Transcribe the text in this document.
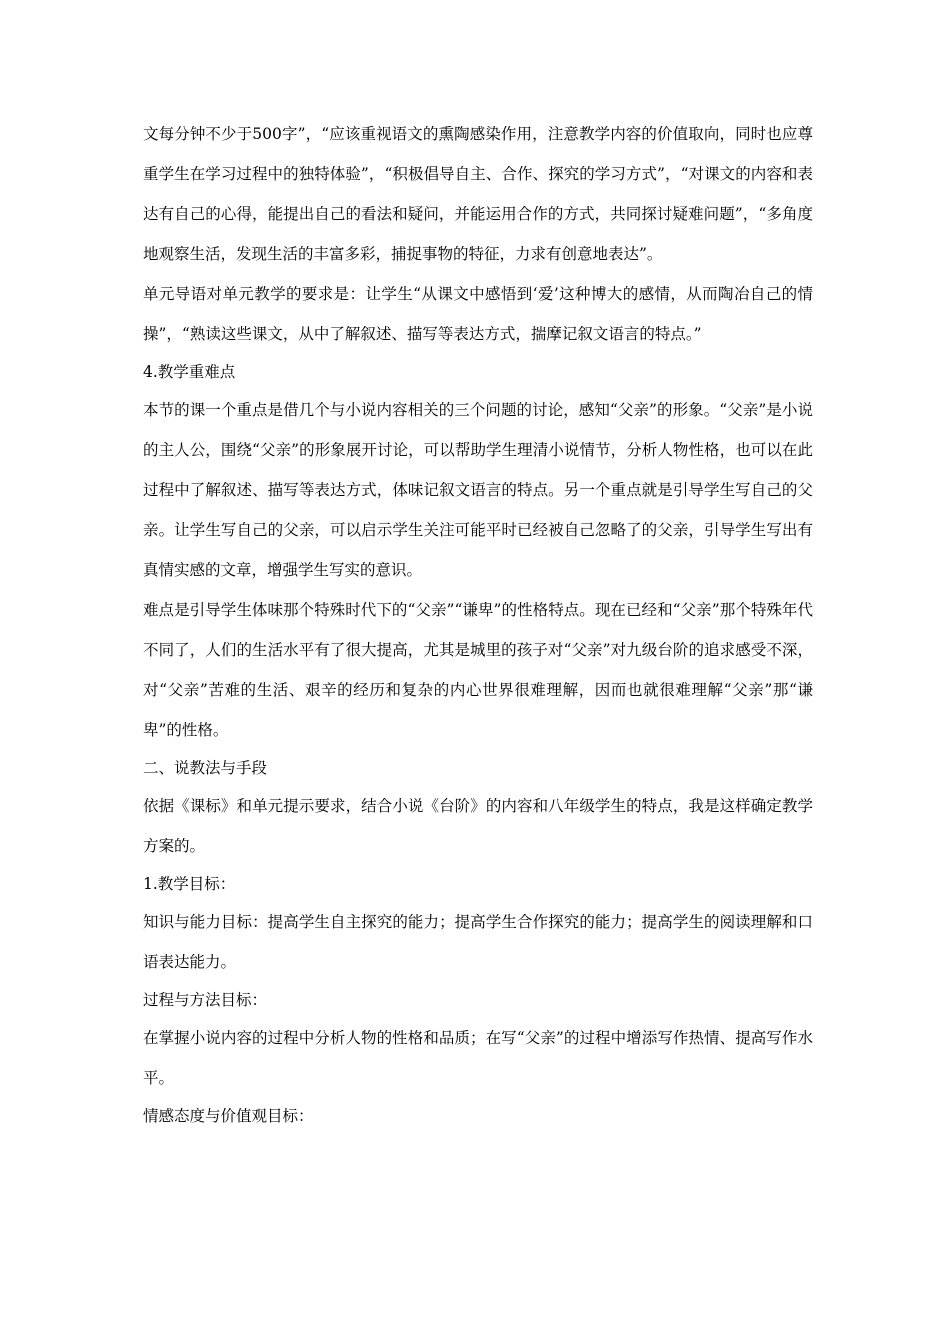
文每分钟不少于500字”，“应该重视语文的熏陶感染作用，注意教学内容的价值取向，同时也应尊重学生在学习过程中的独特体验”，“积极倡导自主、合作、探究的学习方式”，“对课文的内容和表达有自己的心得，能提出自己的看法和疑问，并能运用合作的方式，共同探讨疑难问题”，“多角度地观察生活，发现生活的丰富多彩，捕捉事物的特征，力求有创意地表达”。

单元导语对单元教学的要求是：让学生“从课文中感悟到‘爱’这种博大的感情，从而陶冶自己的情操”，“熟读这些课文，从中了解叙述、描写等表达方式，揣摩记叙文语言的特点。”

4.教学重难点

本节的课一个重点是借几个与小说内容相关的三个问题的讨论，感知“父亲”的形象。“父亲”是小说的主人公，围绕“父亲”的形象展开讨论，可以帮助学生理清小说情节，分析人物性格，也可以在此过程中了解叙述、描写等表达方式，体味记叙文语言的特点。另一个重点就是引导学生写自己的父亲。让学生写自己的父亲，可以启示学生关注可能平时已经被自己忽略了的父亲，引导学生写出有真情实感的文章，增强学生写实的意识。

难点是引导学生体味那个特殊时代下的“父亲”“谦卑”的性格特点。现在已经和“父亲”那个特殊年代不同了，人们的生活水平有了很大提高，尤其是城里的孩子对“父亲”对九级台阶的追求感受不深，对“父亲”苦难的生活、艰辛的经历和复杂的内心世界很难理解，因而也就很难理解“父亲”那“谦卑”的性格。

二、说教法与手段

依据《课标》和单元提示要求，结合小说《台阶》的内容和八年级学生的特点，我是这样确定教学方案的。

1.教学目标：

知识与能力目标：提高学生自主探究的能力；提高学生合作探究的能力；提高学生的阅读理解和口语表达能力。

过程与方法目标：

在掌握小说内容的过程中分析人物的性格和品质；在写“父亲”的过程中增添写作热情、提高写作水平。

情感态度与价值观目标：
